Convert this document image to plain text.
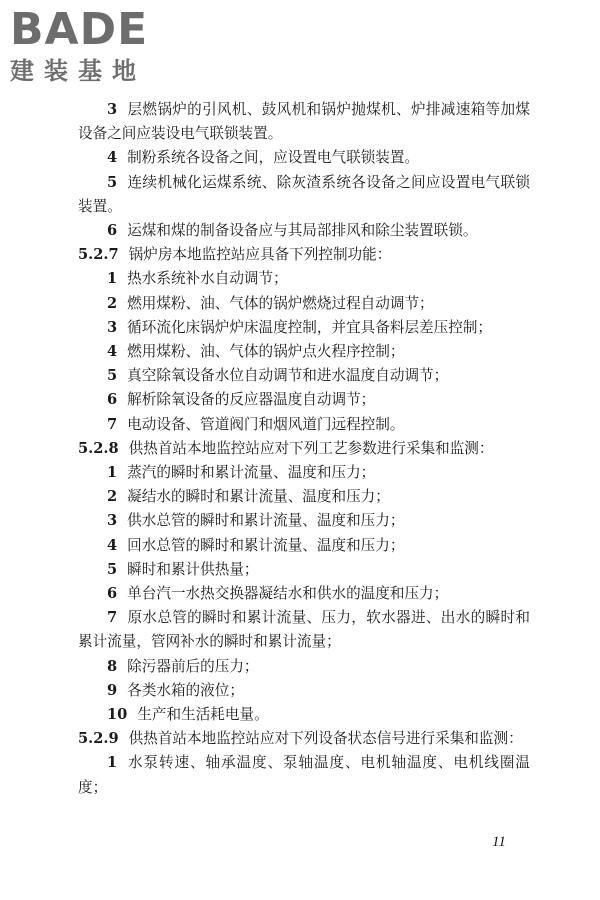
BADE
建装基地

3 层燃锅炉的引风机、鼓风机和锅炉抛煤机、炉排减速箱等加煤设备之间应装设电气联锁装置。

4 制粉系统各设备之间，应设置电气联锁装置。

5 连续机械化运煤系统、除灰渣系统各设备之间应设置电气联锁装置。

6 运煤和煤的制备设备应与其局部排风和除尘装置联锁。

5.2.7 锅炉房本地监控站应具备下列控制功能：

1 热水系统补水自动调节；

2 燃用煤粉、油、气体的锅炉燃烧过程自动调节；

3 循环流化床锅炉炉床温度控制，并宜具备料层差压控制；

4 燃用煤粉、油、气体的锅炉点火程序控制；

5 真空除氧设备水位自动调节和进水温度自动调节；

6 解析除氧设备的反应器温度自动调节；

7 电动设备、管道阀门和烟风道门远程控制。

5.2.8 供热首站本地监控站应对下列工艺参数进行采集和监测：

1 蒸汽的瞬时和累计流量、温度和压力；

2 凝结水的瞬时和累计流量、温度和压力；

3 供水总管的瞬时和累计流量、温度和压力；

4 回水总管的瞬时和累计流量、温度和压力；

5 瞬时和累计供热量；

6 单台汽一水热交换器凝结水和供水的温度和压力；

7 原水总管的瞬时和累计流量、压力，软水器进、出水的瞬时和累计流量，管网补水的瞬时和累计流量；

8 除污器前后的压力；

9 各类水箱的液位；

10 生产和生活耗电量。

5.2.9 供热首站本地监控站应对下列设备状态信号进行采集和监测：

1 水泵转速、轴承温度、泵轴温度、电机轴温度、电机线圈温度；

11
